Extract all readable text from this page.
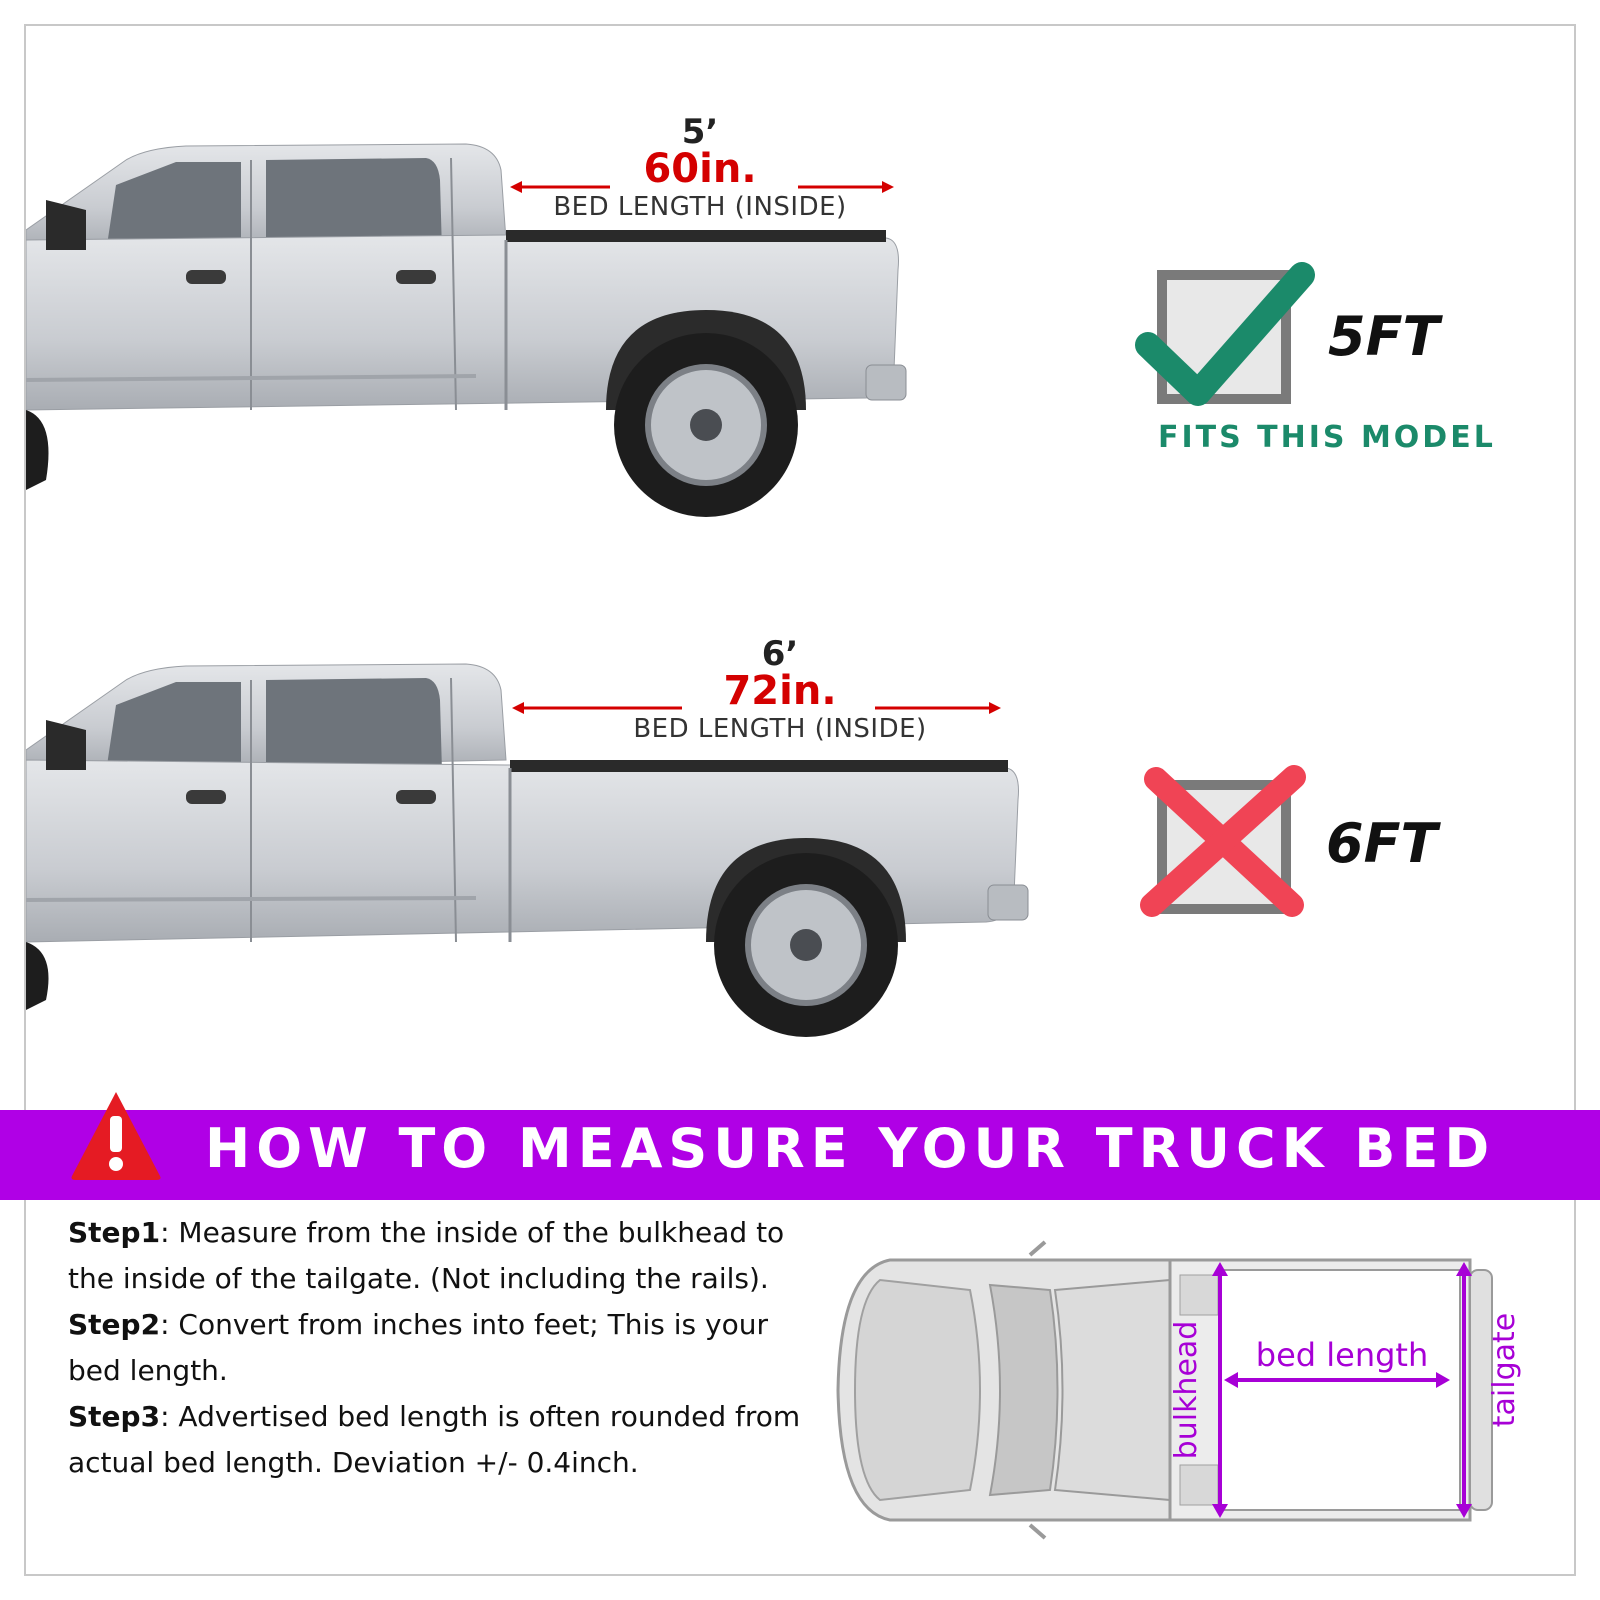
5’
60in.
BED LENGTH (INSIDE)
5FT
FITS THIS MODEL
6’
72in.
BED LENGTH (INSIDE)
6FT
HOW TO MEASURE YOUR TRUCK BED

Step1: Measure from the inside of the bulkhead to the inside of the tailgate. (Not including the rails).

Step2: Convert from inches into feet; This is your bed length.

Step3: Advertised bed length is often rounded from actual bed length. Deviation +/- 0.4inch.

bed length
bulkhead	tailgate
